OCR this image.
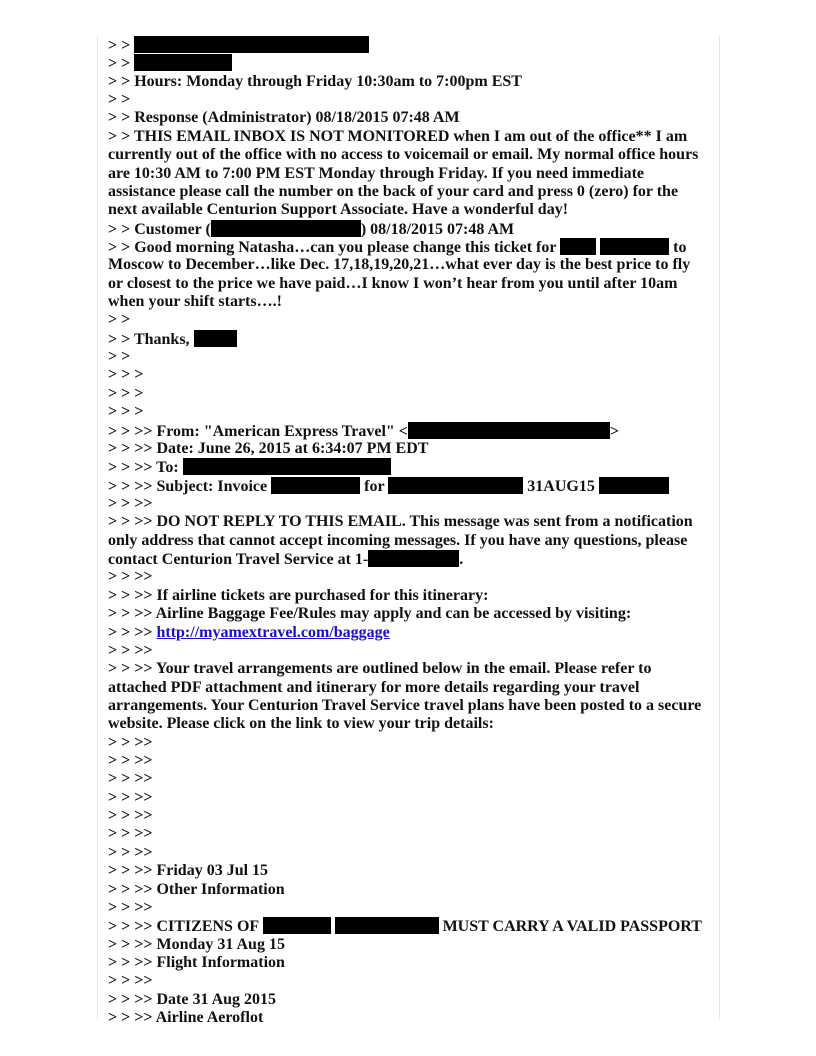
> >
> >
> > Hours: Monday through Friday 10:30am to 7:00pm EST
> >
> > Response (Administrator) 08/18/2015 07:48 AM
> > THIS EMAIL INBOX IS NOT MONITORED when I am out of the office** I am
currently out of the office with no access to voicemail or email. My normal office hours
are 10:30 AM to 7:00 PM EST Monday through Friday. If you need immediate
assistance please call the number on the back of your card and press 0 (zero) for the
next available Centurion Support Associate. Have a wonderful day!
> > Customer (	) 08/18/2015 07:48 AM
> > Good morning Natasha…can you please change this ticket for	to
Moscow to December…like Dec. 17,18,19,20,21…what ever day is the best price to fly
or closest to the price we have paid…I know I won’t hear from you until after 10am
when your shift starts….!
> >
> > Thanks,
> >
> > >
> > >
> > >
> > >> From: "American Express Travel" <	>
> > >> Date: June 26, 2015 at 6:34:07 PM EDT
> > >> To:
> > >> Subject: Invoice	for	31AUG15
> > >>
> > >> DO NOT REPLY TO THIS EMAIL. This message was sent from a notification
only address that cannot accept incoming messages. If you have any questions, please
contact Centurion Travel Service at 1-	.
> > >>
> > >> If airline tickets are purchased for this itinerary:
> > >> Airline Baggage Fee/Rules may apply and can be accessed by visiting:
> > >> http://myamextravel.com/baggage
> > >>
> > >> Your travel arrangements are outlined below in the email. Please refer to
attached PDF attachment and itinerary for more details regarding your travel
arrangements. Your Centurion Travel Service travel plans have been posted to a secure
website. Please click on the link to view your trip details:
> > >>
> > >>
> > >>
> > >>
> > >>
> > >>
> > >>
> > >> Friday 03 Jul 15
> > >> Other Information
> > >>
> > >> CITIZENS OF	MUST CARRY A VALID PASSPORT
> > >> Monday 31 Aug 15
> > >> Flight Information
> > >>
> > >> Date 31 Aug 2015
> > >> Airline Aeroflot
